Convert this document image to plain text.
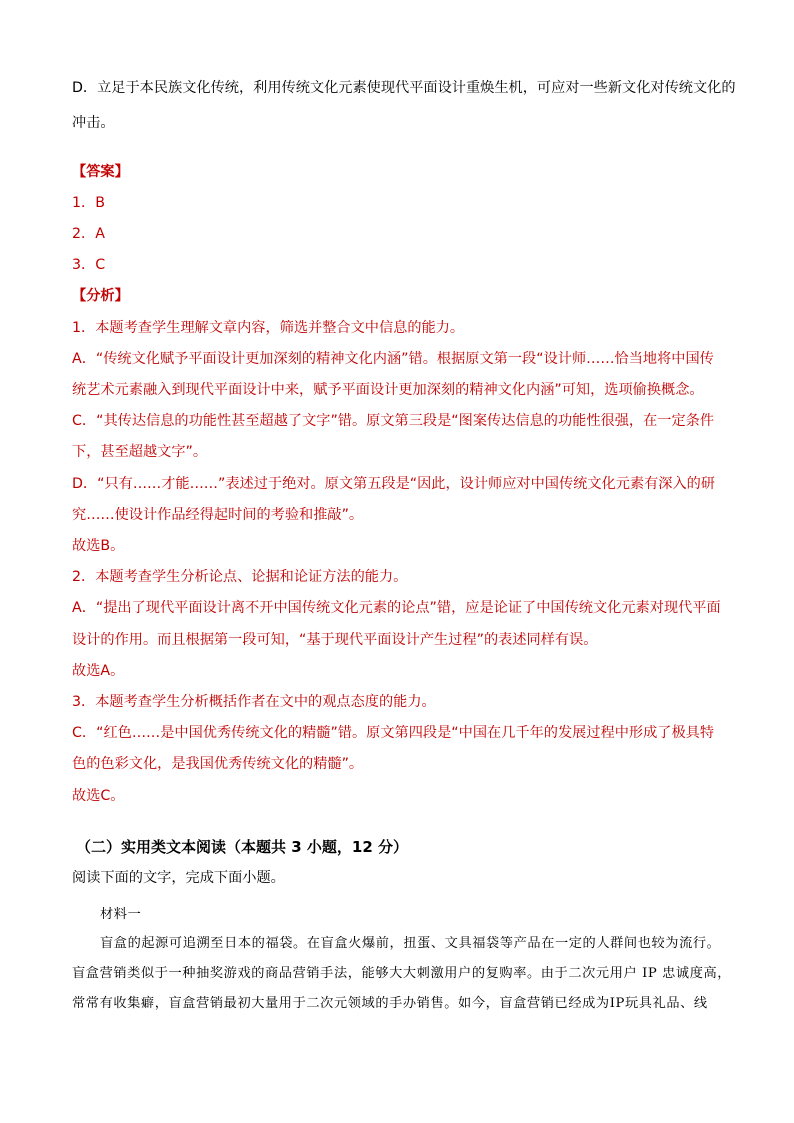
D．立足于本民族文化传统，利用传统文化元素使现代平面设计重焕生机，可应对一些新文化对传统文化的
冲击。
【答案】
1．B
2．A
3．C
【分析】
1．本题考查学生理解文章内容，筛选并整合文中信息的能力。
A．“传统文化赋予平面设计更加深刻的精神文化内涵”错。根据原文第一段“设计师……恰当地将中国传
统艺术元素融入到现代平面设计中来，赋予平面设计更加深刻的精神文化内涵”可知，选项偷换概念。
C．“其传达信息的功能性甚至超越了文字”错。原文第三段是“图案传达信息的功能性很强，在一定条件
下，甚至超越文字”。
D．“只有……才能……”表述过于绝对。原文第五段是“因此，设计师应对中国传统文化元素有深入的研
究……使设计作品经得起时间的考验和推敲”。
故选B。
2．本题考查学生分析论点、论据和论证方法的能力。
A．“提出了现代平面设计离不开中国传统文化元素的论点”错，应是论证了中国传统文化元素对现代平面
设计的作用。而且根据第一段可知，“基于现代平面设计产生过程”的表述同样有误。
故选A。
3．本题考查学生分析概括作者在文中的观点态度的能力。
C．“红色……是中国优秀传统文化的精髓”错。原文第四段是“中国在几千年的发展过程中形成了极具特
色的色彩文化，是我国优秀传统文化的精髓”。
故选C。
（二）实用类文本阅读（本题共 3 小题，12 分）
阅读下面的文字，完成下面小题。
材料一
盲盒的起源可追溯至日本的福袋。在盲盒火爆前，扭蛋、文具福袋等产品在一定的人群间也较为流行。
盲盒营销类似于一种抽奖游戏的商品营销手法，能够大大刺激用户的复购率。由于二次元用户 IP 忠诚度高，
常常有收集癖，盲盒营销最初大量用于二次元领域的手办销售。如今，盲盒营销已经成为IP玩具礼品、线
